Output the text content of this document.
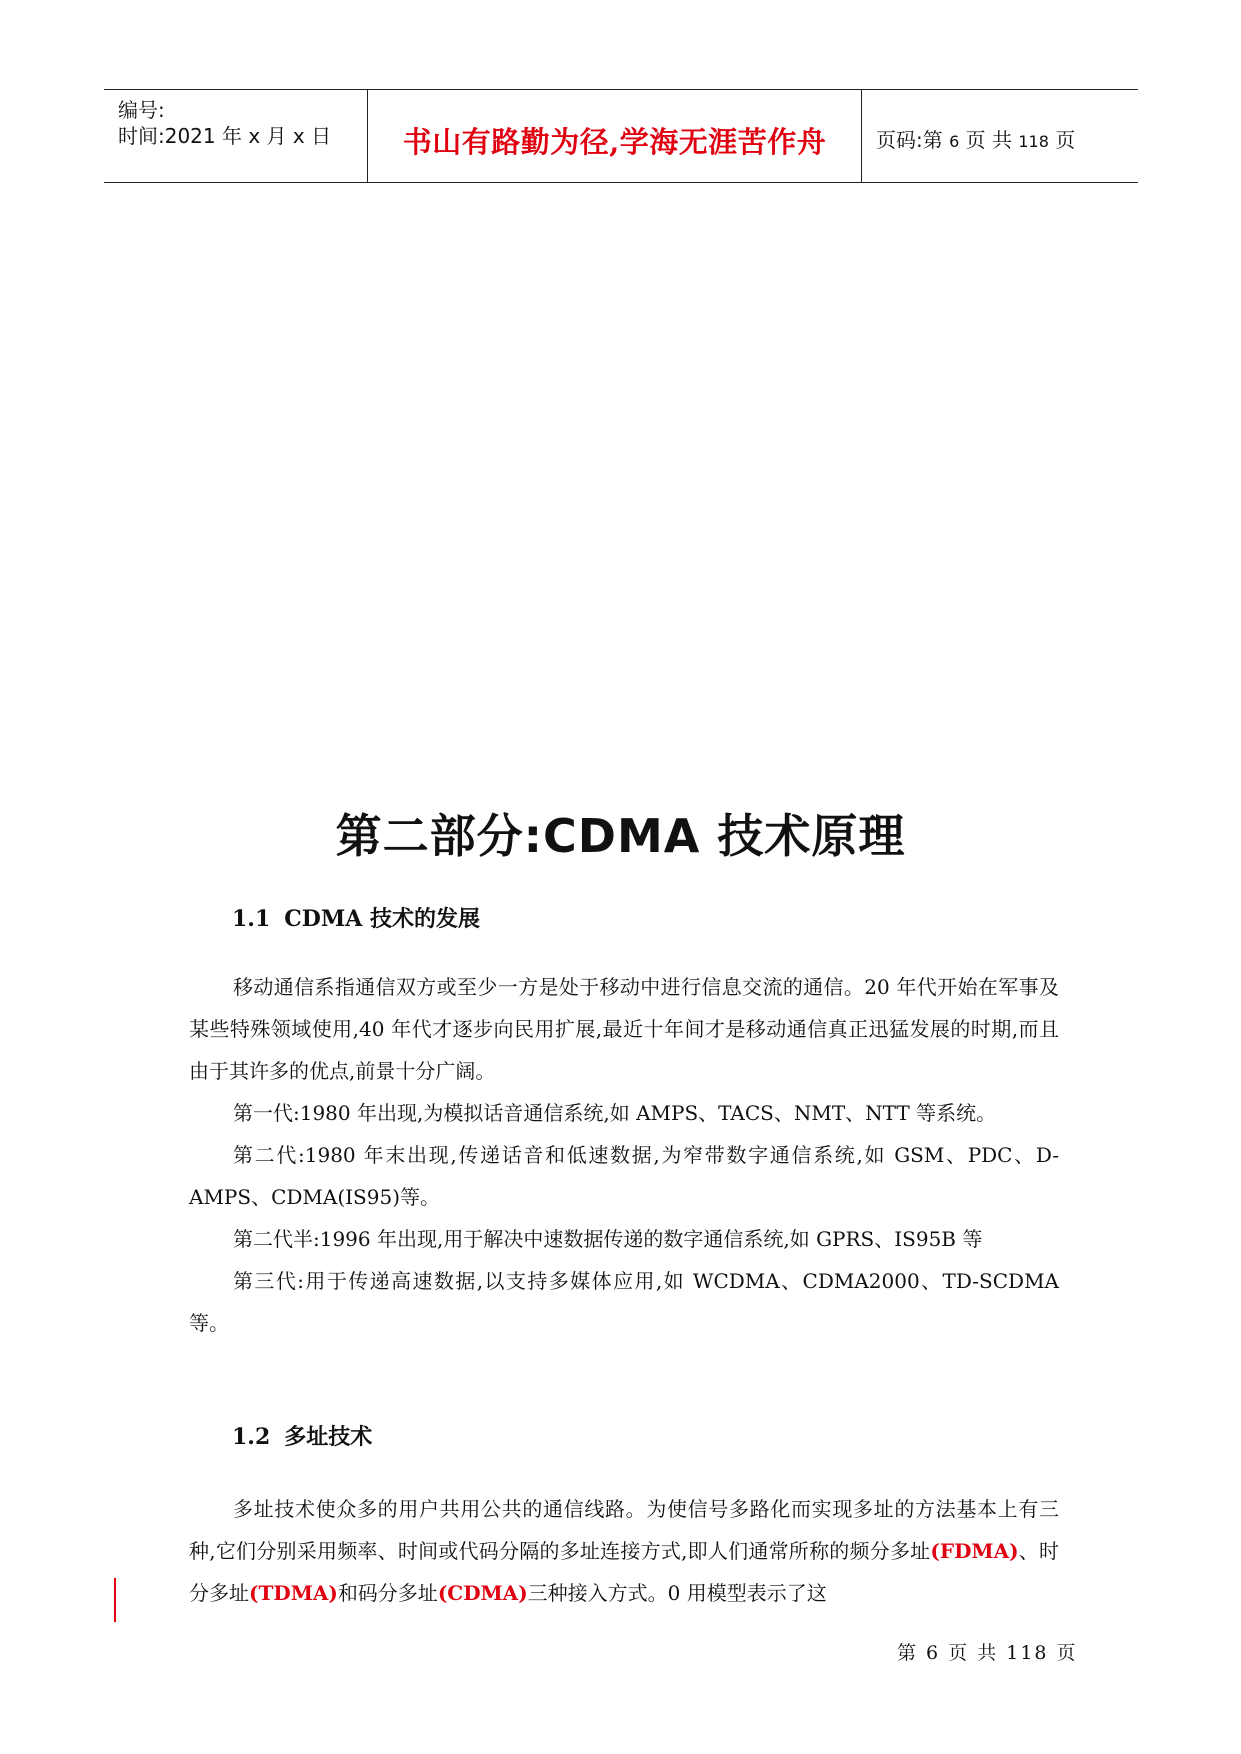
编号:
时间:2021 年 x 月 x 日	书山有路勤为径,学海无涯苦作舟	页码:第 6 页 共 118 页
第二部分:CDMA 技术原理
1.1 CDMA 技术的发展
移动通信系指通信双方或至少一方是处于移动中进行信息交流的通信。20 年代开始在军事及某些特殊领域使用,40 年代才逐步向民用扩展,最近十年间才是移动通信真正迅猛发展的时期,而且由于其许多的优点,前景十分广阔。
第一代:1980 年出现,为模拟话音通信系统,如 AMPS、TACS、NMT、NTT 等系统。
第二代:1980 年末出现,传递话音和低速数据,为窄带数字通信系统,如 GSM、PDC、D-AMPS、CDMA(IS95)等。
第二代半:1996 年出现,用于解决中速数据传递的数字通信系统,如 GPRS、IS95B 等
第三代:用于传递高速数据,以支持多媒体应用,如 WCDMA、CDMA2000、TD-SCDMA 等。
1.2 多址技术
多址技术使众多的用户共用公共的通信线路。为使信号多路化而实现多址的方法基本上有三种,它们分别采用频率、时间或代码分隔的多址连接方式,即人们通常所称的频分多址(FDMA)、时分多址(TDMA)和码分多址(CDMA)三种接入方式。0 用模型表示了这
第 6 页 共 118 页
